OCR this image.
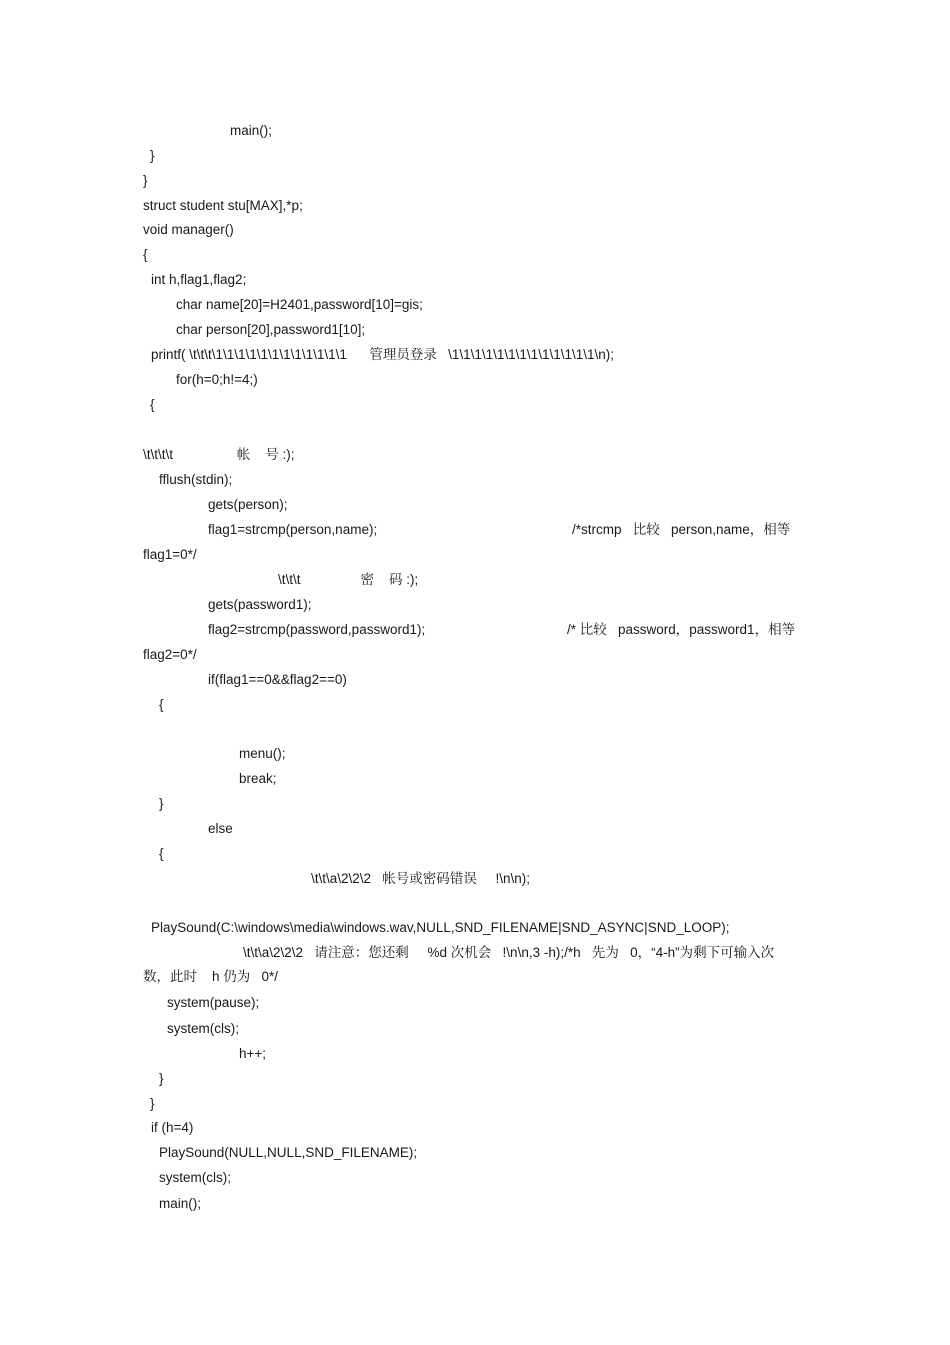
main();
}
}
struct student stu[MAX],*p;
void manager()
{
int h,flag1,flag2;
char name[20]=H2401,password[10]=gis;
char person[20],password1[10];
printf( \t\t\t\1\1\1\1\1\1\1\1\1\1\1\1      管理员登录   \1\1\1\1\1\1\1\1\1\1\1\1\1\n);
for(h=0;h!=4;)
{
\t\t\t\t                 帐    号 :);
fflush(stdin);
gets(person);
flag1=strcmp(person,name);	/*strcmp   比较   person,name，相等
flag1=0*/
\t\t\t                密    码 :);
gets(password1);
flag2=strcmp(password,password1);	/* 比较   password，password1，相等
flag2=0*/
if(flag1==0&&flag2==0)
{
menu();
break;
}
else
{
\t\t\a\2\2\2   帐号或密码错误     !\n\n);
PlaySound(C:\windows\media\windows.wav,NULL,SND_FILENAME|SND_ASYNC|SND_LOOP);
\t\t\a\2\2\2   请注意：您还剩     %d 次机会   !\n\n,3 -h);/*h   先为   0，“4-h”为剩下可输入次
数，此时    h 仍为   0*/
system(pause);
system(cls);
h++;
}
}
if (h=4)
PlaySound(NULL,NULL,SND_FILENAME);
system(cls);
main();
